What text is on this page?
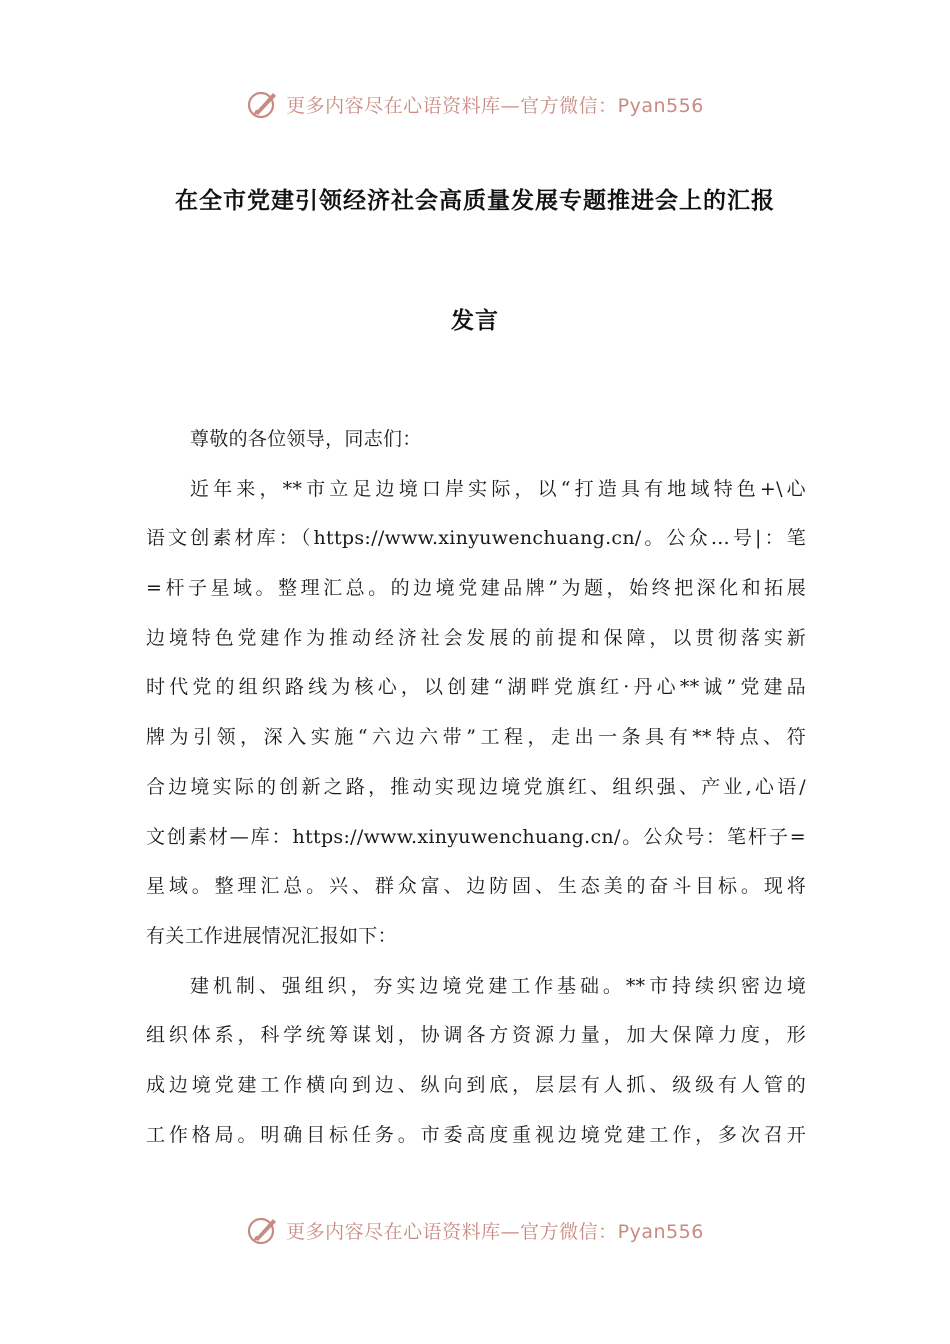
更多内容尽在心语资料库—官方微信：Pyan556
在全市党建引领经济社会高质量发展专题推进会上的汇报
发言
尊敬的各位领导，同志们：
近年来，**市立足边境口岸实际，以“打造具有地域特色+\心
语文创素材库：（https://www.xinyuwenchuang.cn/。公众…号|：笔
=杆子星域。整理汇总。的边境党建品牌”为题，始终把深化和拓展
边境特色党建作为推动经济社会发展的前提和保障，以贯彻落实新
时代党的组织路线为核心，以创建“湖畔党旗红·丹心**诚”党建品
牌为引领，深入实施“六边六带”工程，走出一条具有**特点、符
合边境实际的创新之路，推动实现边境党旗红、组织强、产业,心语/
文创素材—库：https://www.xinyuwenchuang.cn/。公众号：笔杆子=
星域。整理汇总。兴、群众富、边防固、生态美的奋斗目标。现将
有关工作进展情况汇报如下：
建机制、强组织，夯实边境党建工作基础。**市持续织密边境
组织体系，科学统筹谋划，协调各方资源力量，加大保障力度，形
成边境党建工作横向到边、纵向到底，层层有人抓、级级有人管的
工作格局。明确目标任务。市委高度重视边境党建工作，多次召开
更多内容尽在心语资料库—官方微信：Pyan556
